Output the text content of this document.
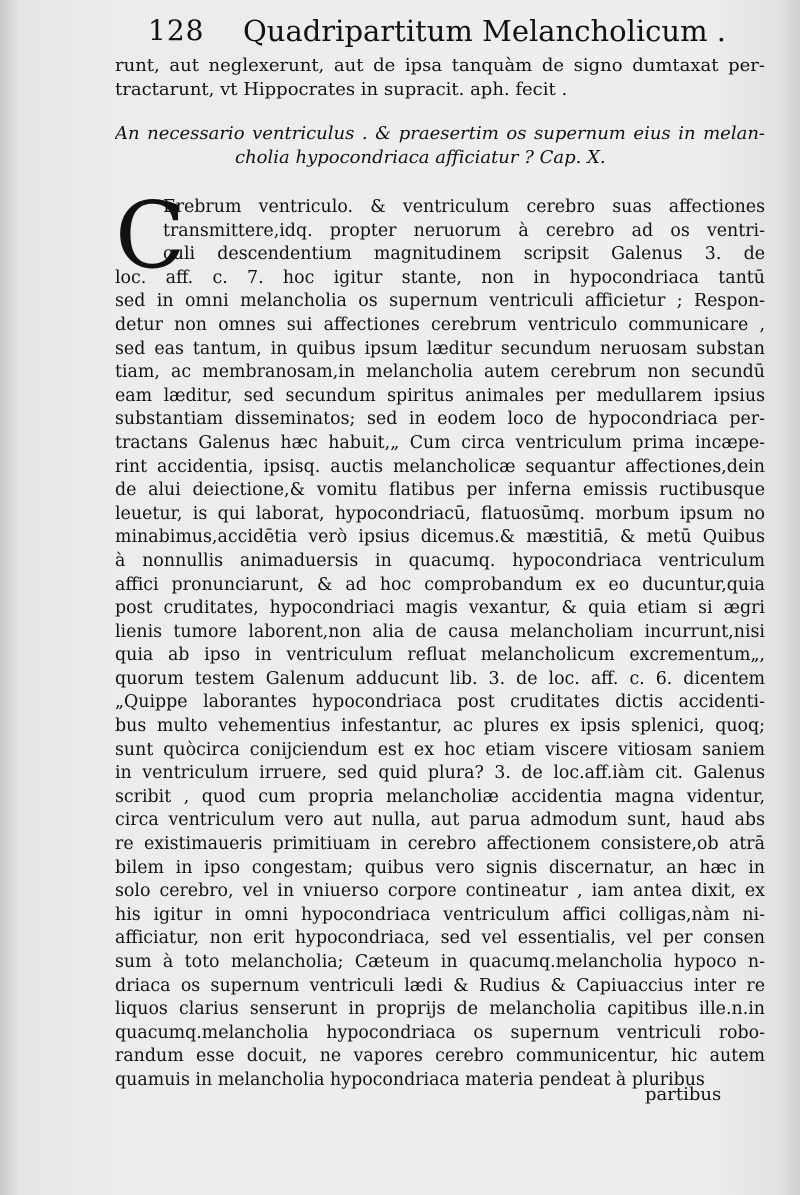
128 Quadripartitum Melancholicum .
runt, aut neglexerunt, aut de ipsa tanquàm de signo dumtaxat per-
tractarunt, vt Hippocrates in supracit. aph. fecit .
An necessario ventriculus . & praesertim os supernum eius in melan-
cholia hypocondriaca afficiatur ? Cap. X.
C
Erebrum ventriculo. & ventriculum cerebro suas affectiones
transmittere,idq. propter neruorum à cerebro ad os ventri-
culi descendentium magnitudinem scripsit Galenus 3. de
loc. aff. c. 7. hoc igitur stante, non in hypocondriaca tantū
sed in omni melancholia os supernum ventriculi afficietur ; Respon-
detur non omnes sui affectiones cerebrum ventriculo communicare ,
sed eas tantum, in quibus ipsum læditur secundum neruosam substan
tiam, ac membranosam,in melancholia autem cerebrum non secundū
eam læditur, sed secundum spiritus animales per medullarem ipsius
substantiam disseminatos; sed in eodem loco de hypocondriaca per-
tractans Galenus hæc habuit,„ Cum circa ventriculum prima incæpe-
rint accidentia, ipsisq. auctis melancholicæ sequantur affectiones,dein
de alui deiectione,& vomitu flatibus per inferna emissis ructibusque
leuetur, is qui laborat, hypocondriacū, flatuosūmq. morbum ipsum no
minabimus,accidētia verò ipsius dicemus.& mæstitiā, & metū Quibus
à nonnullis animaduersis in quacumq. hypocondriaca ventriculum
affici pronunciarunt, & ad hoc comprobandum ex eo ducuntur,quia
post cruditates, hypocondriaci magis vexantur, & quia etiam si ægri
lienis tumore laborent,non alia de causa melancholiam incurrunt,nisi
quia ab ipso in ventriculum refluat melancholicum excrementum„,
quorum testem Galenum adducunt lib. 3. de loc. aff. c. 6. dicentem
„Quippe laborantes hypocondriaca post cruditates dictis accidenti-
bus multo vehementius infestantur, ac plures ex ipsis splenici, quoq;
sunt quòcirca conijciendum est ex hoc etiam viscere vitiosam saniem
in ventriculum irruere, sed quid plura? 3. de loc.aff.iàm cit. Galenus
scribit , quod cum propria melancholiæ accidentia magna videntur,
circa ventriculum vero aut nulla, aut parua admodum sunt, haud abs
re existimaueris primitiuam in cerebro affectionem consistere,ob atrā
bilem in ipso congestam; quibus vero signis discernatur, an hæc in
solo cerebro, vel in vniuerso corpore contineatur , iam antea dixit, ex
his igitur in omni hypocondriaca ventriculum affici colligas,nàm ni-
afficiatur, non erit hypocondriaca, sed vel essentialis, vel per consen
sum à toto melancholia; Cæteum in quacumq.melancholia hypoco n-
driaca os supernum ventriculi lædi & Rudius & Capiuaccius inter re
liquos clarius senserunt in proprijs de melancholia capitibus ille.n.in
quacumq.melancholia hypocondriaca os supernum ventriculi robo-
randum esse docuit, ne vapores cerebro communicentur, hic autem
quamuis in melancholia hypocondriaca materia pendeat à pluribus
partibus
